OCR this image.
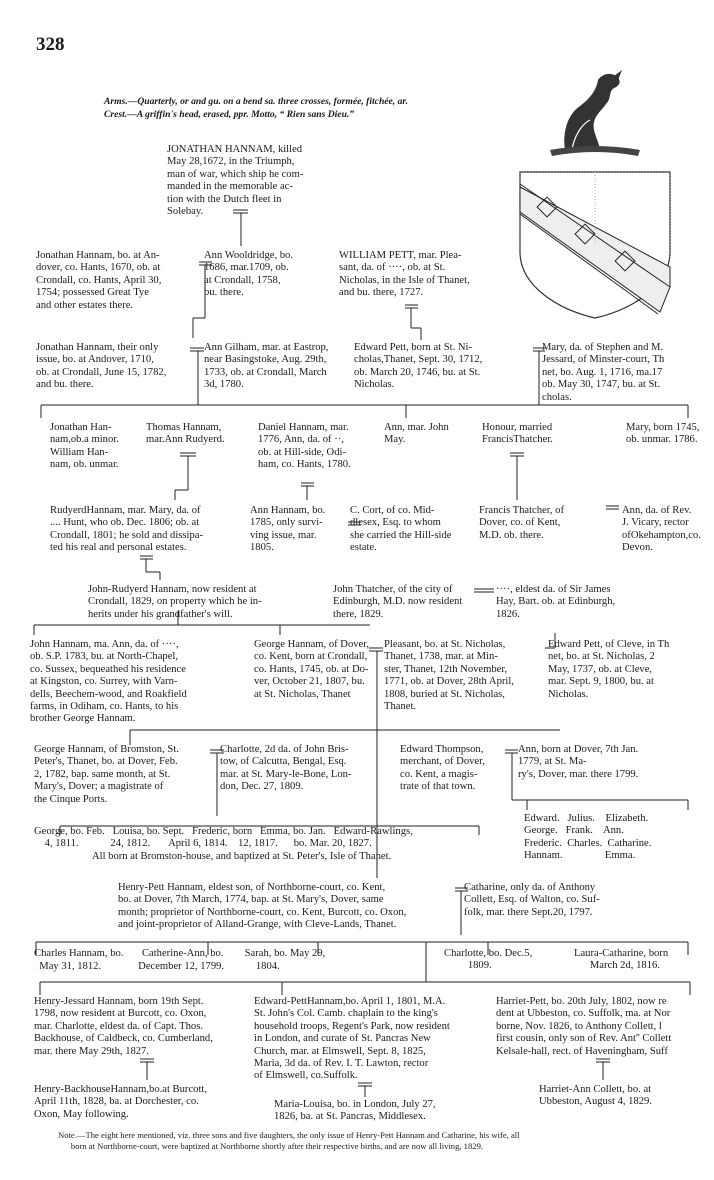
328
Arms.—Quarterly, or and gu. on a bend sa. three crosses, formée, fitchée, ar.
Crest.—A griffin's head, erased, ppr. Motto, “ Rien sans Dieu.”

JONATHAN HANNAM, killed
May 28,1672, in the Triumph,
man of war, which ship he com-
manded in the memorable ac-
tion with the Dutch fleet in
Solebay.

Jonathan Hannam, bo. at An-
dover, co. Hants, 1670, ob. at
Crondall, co. Hants, April 30,
1754; possessed Great Tye
and other estates there.

Ann Wooldridge, bo.
1686, mar.1709, ob.
at Crondall, 1758,
bu. there.

WILLIAM PETT, mar. Plea-
sant, da. of ····, ob. at St.
Nicholas, in the Isle of Thanet,
and bu. there, 1727.

Jonathan Hannam, their only
issue, bo. at Andover, 1710,
ob. at Crondall, June 15, 1782,
and bu. there.

Ann Gilham, mar. at Eastrop,
near Basingstoke, Aug. 29th,
1733, ob. at Crondall, March
3d, 1780.

Edward Pett, born at St. Ni-
cholas,Thanet, Sept. 30, 1712,
ob. March 20, 1746, bu. at St.
Nicholas.

Mary, da. of Stephen and M.
Jessard, of Minster-court, Th
net, bo. Aug. 1, 1716, ma.17
ob. May 30, 1747, bu. at St.
cholas.

Jonathan Han-
nam,ob.a minor.
William Han-
nam, ob. unmar.

Thomas Hannam,
mar.Ann Rudyerd.

Daniel Hannam, mar.
1776, Ann, da. of ··,
ob. at Hill-side, Odi-
ham, co. Hants, 1780.

Ann, mar. John
May.

Honour, married
FrancisThatcher.

Mary, born 1745,
ob. unmar. 1786.

RudyerdHannam, mar. Mary, da. of
.... Hunt, who ob. Dec. 1806; ob. at
Crondall, 1801; he sold and dissipa-
ted his real and personal estates.

Ann Hannam, bo.
1785, only survi-
ving issue, mar.
1805.

C. Cort, of co. Mid-
dlesex, Esq. to whom
she carried the Hill-side
estate.

Francis Thatcher, of
Dover, co. of Kent,
M.D. ob. there.

Ann, da. of Rev.
J. Vicary, rector
ofOkehampton,co.
Devon.

John-Rudyerd Hannam, now resident at
Crondall, 1829, on property which he in-
herits under his grandfather's will.

John Thatcher, of the city of
Edinburgh, M.D. now resident
there, 1829.

····, eldest da. of Sir James
Hay, Bart. ob. at Edinburgh,
1826.

John Hannam, ma. Ann, da. of ····,
ob. S.P. 1783, bu. at North-Chapel,
co. Sussex, bequeathed his residence
at Kingston, co. Surrey, with Varn-
dells, Beechem-wood, and Roakfield
farms, in Odiham, co. Hants, to his
brother George Hannam.

George Hannam, of Dover,
co. Kent, born at Crondall,
co. Hants, 1745, ob. at Do-
ver, October 21, 1807, bu.
at St. Nicholas, Thanet

Pleasant, bo. at St. Nicholas,
Thanet, 1738, mar. at Min-
ster, Thanet, 12th November,
1771, ob. at Dover, 28th April,
1808, buried at St. Nicholas,
Thanet.

Edward Pett, of Cleve, in Th
net, bo. at St. Nicholas, 2
May, 1737, ob. at Cleve,
mar. Sept. 9, 1800, bu. at
Nicholas.

George Hannam, of Bromston, St.
Peter's, Thanet, bo. at Dover, Feb.
2, 1782, bap. same month, at St.
Mary's, Dover; a magistrate of
the Cinque Ports.

Charlotte, 2d da. of John Bris-
tow, of Calcutta, Bengal, Esq.
mar. at St. Mary-le-Bone, Lon-
don, Dec. 27, 1809.

Edward Thompson,
merchant, of Dover,
co. Kent, a magis-
trate of that town.

Ann, born at Dover, 7th Jan.
1779, at St. Ma-
ry's, Dover, mar. there 1799.

Edward.   Julius.    Elizabeth.
George.   Frank.    Ann.
Frederic.  Charles.  Catharine.
Hannam.                Emma.

George, bo. Feb.   Louisa, bo. Sept.   Frederic, born   Emma, bo. Jan.   Edward-Rawlings,
4, 1811.            24, 1812.       April 6, 1814.    12, 1817.      bo. Mar. 20, 1827.

All born at Bromston-house, and baptized at St. Peter's, Isle of Thanet.

Henry-Pett Hannam, eldest son, of Northborne-court, co. Kent,
bo. at Dover, 7th March, 1774, bap. at St. Mary's, Dover, same
month; proprietor of Northborne-court, co. Kent, Burcott, co. Oxon,
and joint-proprietor of Alland-Grange, with Cleve-Lands, Thanet.

Catharine, only da. of Anthony
Collett, Esq. of Walton, co. Suf-
folk, mar. there Sept.20, 1797.

Charles Hannam, bo.       Catherine-Ann, bo.        Sarah, bo. May 29,

May 31, 1812.              December 12, 1799.            1804.

Charlotte, bo. Dec.5,
1809.

Laura-Catharine, born
March 2d, 1816.

Henry-Jessard Hannam, born 19th Sept.
1798, now resident at Burcott, co. Oxon,
mar. Charlotte, eldest da. of Capt. Thos.
Backhouse, of Caldbeck, co. Cumberland,
mar. there May 29th, 1827.

Edward-PettHannam,bo. April 1, 1801, M.A.
St. John's Col. Camb. chaplain to the king's
household troops, Regent's Park, now resident
in London, and curate of St. Pancras New
Church, mar. at Elmswell, Sept. 8, 1825,
Maria, 3d da. of Rev. I. T. Lawton, rector
of Elmswell, co.Suffolk.

Harriet-Pett, bo. 20th July, 1802, now re
dent at Ubbeston, co. Suffolk, ma. at Nor
borne, Nov. 1826, to Anthony Collett, l
first cousin, only son of Rev. Ant'' Collett
Kelsale-hall, rect. of Haveningham, Suff

Henry-BackhouseHannam,bo.at Burcott,
April 11th, 1828, ba. at Dorchester, co.
Oxon, May following.

Maria-Louisa, bo. in London, July 27,
1826, ba. at St. Pancras, Middlesex.

Harriet-Ann Collett, bo. at
Ubbeston, August 4, 1829.

Note.—The eight here mentioned, viz. three sons and five daughters, the only issue of Henry-Pett Hannam and Catharine, his wife, all
born at Northborne-court, were baptized at Northborne shortly after their respective births, and are now all living, 1829.
